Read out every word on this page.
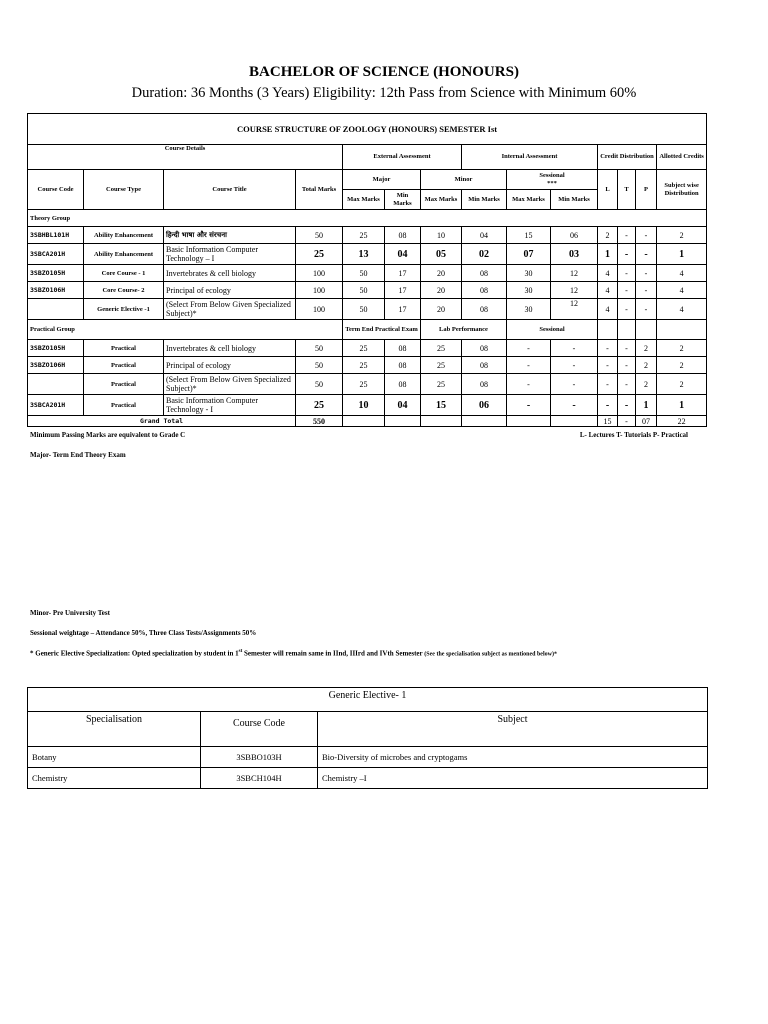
BACHELOR OF SCIENCE (HONOURS)
Duration: 36 Months (3 Years) Eligibility: 12th Pass from Science with Minimum 60%
COURSE STRUCTURE OF ZOOLOGY (HONOURS) SEMESTER Ist													
Course Details				External Assessment			Internal Assessment			Credit Distribution			Allotted Credits
Course Code	Course Type	Course Title	Total Marks	Major		Minor		Sessional
***		L	T	P	Subject wise Distribution
				Max Marks	Min Marks	Max Marks	Min Marks	Max Marks	Min Marks				
Theory Group													
3SBHBL101H	Ability Enhancement	हिन्दी भाषा और संरचना	50	25	08	10	04	15	06	2	-	-	2
3SBCA201H	Ability Enhancement	Basic Information Computer Technology – I	25	13	04	05	02	07	03	1	-	-	1
3SBZO105H	Core Course - 1	Invertebrates & cell biology	100	50	17	20	08	30	12	4	-	-	4
3SBZO106H	Core Course- 2	Principal of ecology	100	50	17	20	08	30	12	4	-	-	4
	Generic Elective -1	(Select From Below Given Specialized Subject)*	100	50	17	20	08	30	12	4	-	-	4
Practical Group				Term End Practical Exam		Lab Performance		Sessional					
3SBZO105H	Practical	Invertebrates & cell biology	50	25	08	25	08	-	-	-	-	2	2
3SBZO106H	Practical	Principal of ecology	50	25	08	25	08	-	-	-	-	2	2
	Practical	(Select From Below Given Specialized Subject)*	50	25	08	25	08	-	-	-	-	2	2
3SBCA201H	Practical	Basic Information Computer Technology - I	25	10	04	15	06	-	-	-	-	1	1
Grand Total			550							15	-	07	22
Minimum Passing Marks are equivalent to Grade C	L- Lectures T- Tutorials P- Practical
Major- Term End Theory Exam
Minor- Pre University Test
Sessional weightage – Attendance 50%, Three Class Tests/Assignments 50%
* Generic Elective Specialization: Opted specialization by student in 1st Semester will remain same in IInd, IIIrd and IVth Semester (See the specialisation subject as mentioned below)*
Generic Elective- 1		
Specialisation	Course Code	Subject
Botany	3SBBO103H	Bio-Diversity of microbes and cryptogams
Chemistry	3SBCH104H	Chemistry –I
